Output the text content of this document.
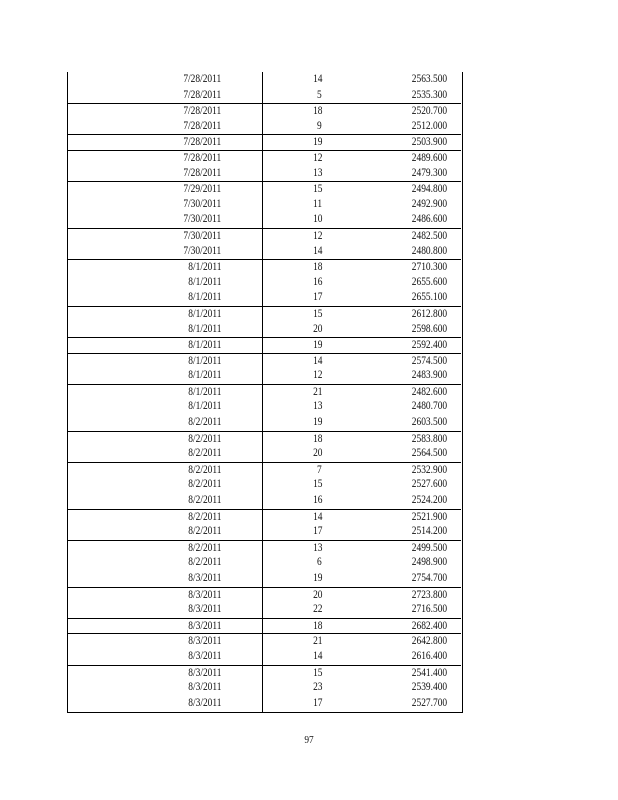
7/28/2011	14	2563.500
7/28/2011	5	2535.300
7/28/2011	18	2520.700
7/28/2011	9	2512.000
7/28/2011	19	2503.900
7/28/2011	12	2489.600
7/28/2011	13	2479.300
7/29/2011	15	2494.800
7/30/2011	11	2492.900
7/30/2011	10	2486.600
7/30/2011	12	2482.500
7/30/2011	14	2480.800
8/1/2011	18	2710.300
8/1/2011	16	2655.600
8/1/2011	17	2655.100
8/1/2011	15	2612.800
8/1/2011	20	2598.600
8/1/2011	19	2592.400
8/1/2011	14	2574.500
8/1/2011	12	2483.900
8/1/2011	21	2482.600
8/1/2011	13	2480.700
8/2/2011	19	2603.500
8/2/2011	18	2583.800
8/2/2011	20	2564.500
8/2/2011	7	2532.900
8/2/2011	15	2527.600
8/2/2011	16	2524.200
8/2/2011	14	2521.900
8/2/2011	17	2514.200
8/2/2011	13	2499.500
8/2/2011	6	2498.900
8/3/2011	19	2754.700
8/3/2011	20	2723.800
8/3/2011	22	2716.500
8/3/2011	18	2682.400
8/3/2011	21	2642.800
8/3/2011	14	2616.400
8/3/2011	15	2541.400
8/3/2011	23	2539.400
8/3/2011	17	2527.700
97
